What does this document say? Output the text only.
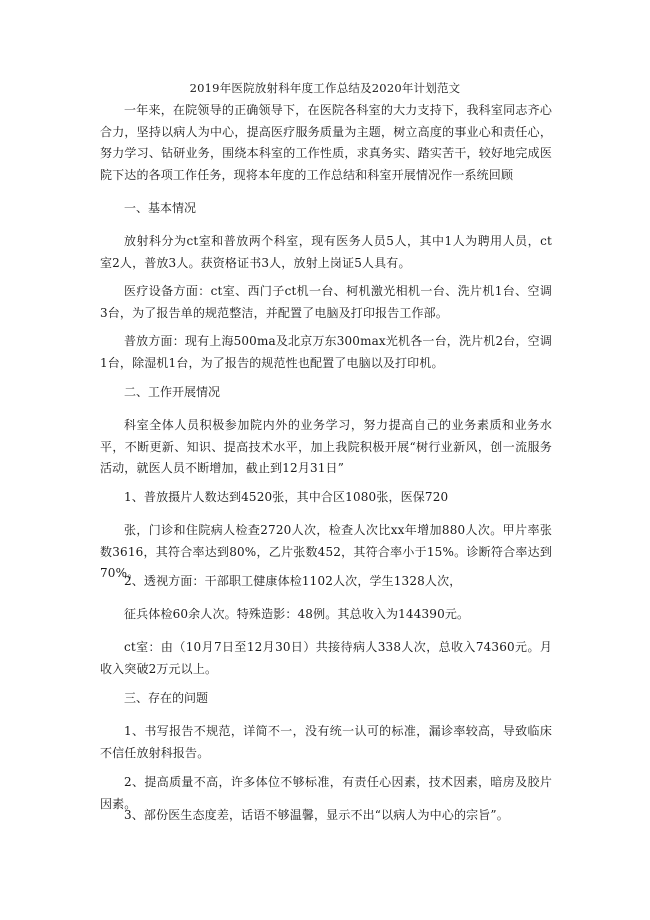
2019年医院放射科年度工作总结及2020年计划范文

一年来，在院领导的正确领导下，在医院各科室的大力支持下，我科室同志齐心合力，坚持以病人为中心，提高医疗服务质量为主题，树立高度的事业心和责任心，努力学习、钻研业务，围绕本科室的工作性质，求真务实、踏实苦干，较好地完成医院下达的各项工作任务，现将本年度的工作总结和科室开展情况作一系统回顾

一、基本情况

放射科分为ct室和普放两个科室，现有医务人员5人，其中1人为聘用人员，ct室2人，普放3人。获资格证书3人，放射上岗证5人具有。

医疗设备方面：ct室、西门子ct机一台、柯机激光相机一台、洗片机1台、空调3台，为了报告单的规范整洁，并配置了电脑及打印报告工作部。

普放方面：现有上海500ma及北京万东300max光机各一台，洗片机2台，空调1台，除湿机1台，为了报告的规范性也配置了电脑以及打印机。

二、工作开展情况

科室全体人员积极参加院内外的业务学习，努力提高自己的业务素质和业务水平，不断更新、知识、提高技术水平，加上我院积极开展“树行业新风，创一流服务活动，就医人员不断增加，截止到12月31日”

1、普放摄片人数达到4520张，其中合区1080张，医保720

张，门诊和住院病人检查2720人次，检查人次比xx年增加880人次。甲片率张数3616，其符合率达到80%，乙片张数452，其符合率小于15%。诊断符合率达到70%。

2、透视方面：干部职工健康体检1102人次，学生1328人次，

征兵体检60余人次。特殊造影：48例。其总收入为144390元。

ct室：由（10月7日至12月30日）共接待病人338人次，总收入74360元。月收入突破2万元以上。

三、存在的问题

1、书写报告不规范，详简不一，没有统一认可的标准，漏诊率较高，导致临床不信任放射科报告。

2、提高质量不高，许多体位不够标准，有责任心因素，技术因素，暗房及胶片因素。

3、部份医生态度差，话语不够温馨，显示不出“以病人为中心的宗旨”。
